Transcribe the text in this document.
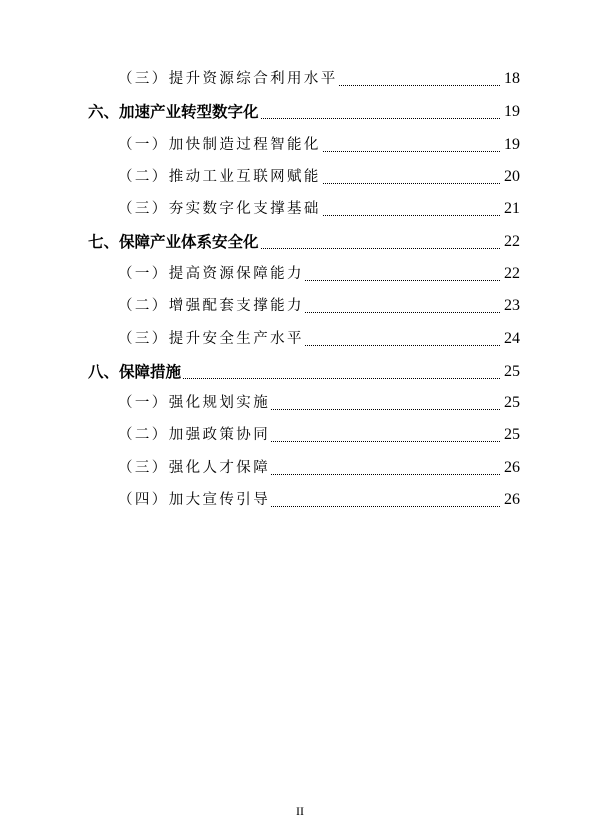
（三）提升资源综合利用水平	18
六、加速产业转型数字化	19
（一）加快制造过程智能化	19
（二）推动工业互联网赋能	20
（三）夯实数字化支撑基础	21
七、保障产业体系安全化	22
（一）提高资源保障能力	22
（二）增强配套支撑能力	23
（三）提升安全生产水平	24
八、保障措施	25
（一）强化规划实施	25
（二）加强政策协同	25
（三）强化人才保障	26
（四）加大宣传引导	26
II
